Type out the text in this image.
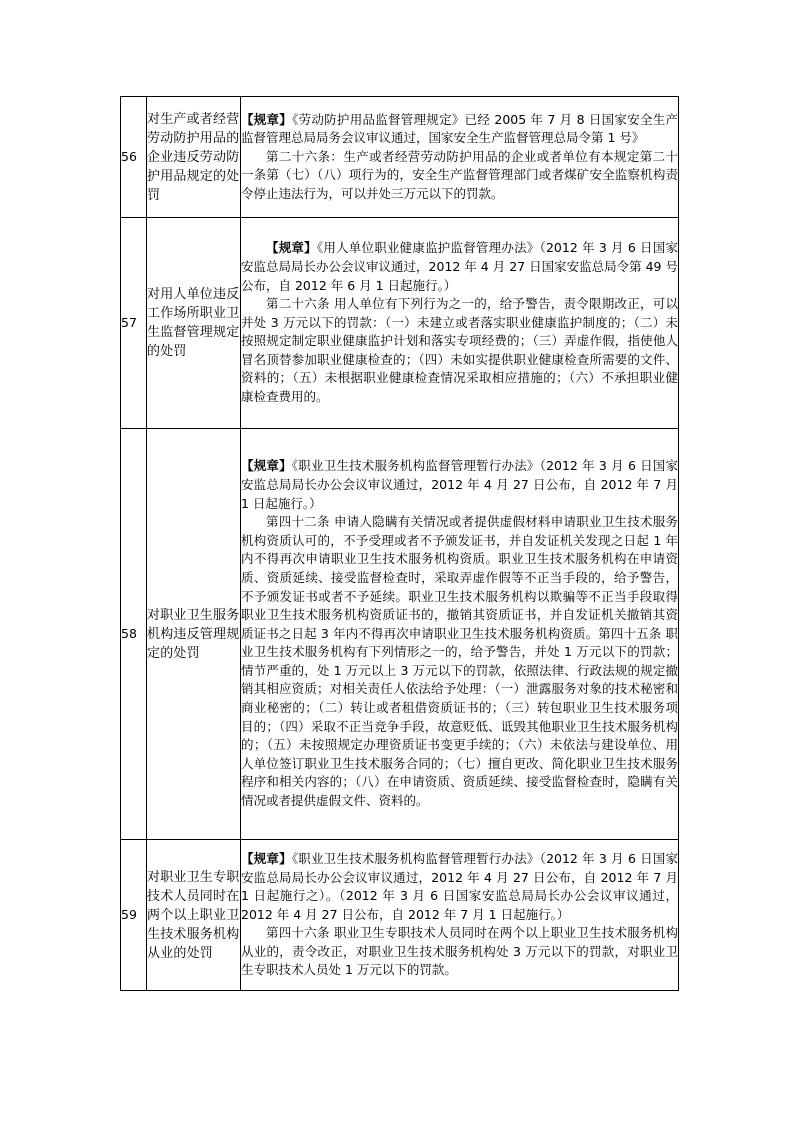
56	对生产或者经营劳动防护用品的企业违反劳动防护用品规定的处罚	【规章】《劳动防护用品监督管理规定》已经 2005 年 7 月 8 日国家安全生产监督管理总局局务会议审议通过，国家安全生产监督管理总局令第 1 号》

第二十六条：生产或者经营劳动防护用品的企业或者单位有本规定第二十一条第（七）（八）项行为的，安全生产监督管理部门或者煤矿安全监察机构责令停止违法行为，可以并处三万元以下的罚款。

57	对用人单位违反工作场所职业卫生监督管理规定的处罚	【规章】《用人单位职业健康监护监督管理办法》（2012 年 3 月 6 日国家安监总局局长办公会议审议通过，2012 年 4 月 27 日国家安监总局令第 49 号公布，自 2012 年 6 月 1 日起施行。）

第二十六条 用人单位有下列行为之一的，给予警告，责令限期改正，可以并处 3 万元以下的罚款：（一）未建立或者落实职业健康监护制度的；（二）未按照规定制定职业健康监护计划和落实专项经费的；（三）弄虚作假，指使他人冒名顶替参加职业健康检查的；（四）未如实提供职业健康检查所需要的文件、资料的；（五）未根据职业健康检查情况采取相应措施的；（六）不承担职业健康检查费用的。

58	对职业卫生服务机构违反管理规定的处罚	【规章】《职业卫生技术服务机构监督管理暂行办法》（2012 年 3 月 6 日国家安监总局局长办公会议审议通过，2012 年 4 月 27 日公布，自 2012 年 7 月 1 日起施行。）

第四十二条 申请人隐瞒有关情况或者提供虚假材料申请职业卫生技术服务机构资质认可的，不予受理或者不予颁发证书，并自发证机关发现之日起 1 年内不得再次申请职业卫生技术服务机构资质。职业卫生技术服务机构在申请资质、资质延续、接受监督检查时，采取弄虚作假等不正当手段的，给予警告，不予颁发证书或者不予延续。职业卫生技术服务机构以欺骗等不正当手段取得职业卫生技术服务机构资质证书的，撤销其资质证书，并自发证机关撤销其资质证书之日起 3 年内不得再次申请职业卫生技术服务机构资质。第四十五条 职业卫生技术服务机构有下列情形之一的，给予警告，并处 1 万元以下的罚款；情节严重的，处 1 万元以上 3 万元以下的罚款，依照法律、行政法规的规定撤销其相应资质；对相关责任人依法给予处理：（一）泄露服务对象的技术秘密和商业秘密的；（二）转让或者租借资质证书的；（三）转包职业卫生技术服务项目的；（四）采取不正当竞争手段，故意贬低、诋毁其他职业卫生技术服务机构的；（五）未按照规定办理资质证书变更手续的；（六）未依法与建设单位、用人单位签订职业卫生技术服务合同的；（七）擅自更改、简化职业卫生技术服务程序和相关内容的；（八）在申请资质、资质延续、接受监督检查时，隐瞒有关情况或者提供虚假文件、资料的。

59	对职业卫生专职技术人员同时在两个以上职业卫生技术服务机构从业的处罚	【规章】《职业卫生技术服务机构监督管理暂行办法》（2012 年 3 月 6 日国家安监总局局长办公会议审议通过，2012 年 4 月 27 日公布，自 2012 年 7 月 1 日起施行之）。（2012 年 3 月 6 日国家安监总局局长办公会议审议通过，2012 年 4 月 27 日公布，自 2012 年 7 月 1 日起施行。）

第四十六条 职业卫生专职技术人员同时在两个以上职业卫生技术服务机构从业的，责令改正，对职业卫生技术服务机构处 3 万元以下的罚款，对职业卫生专职技术人员处 1 万元以下的罚款。
